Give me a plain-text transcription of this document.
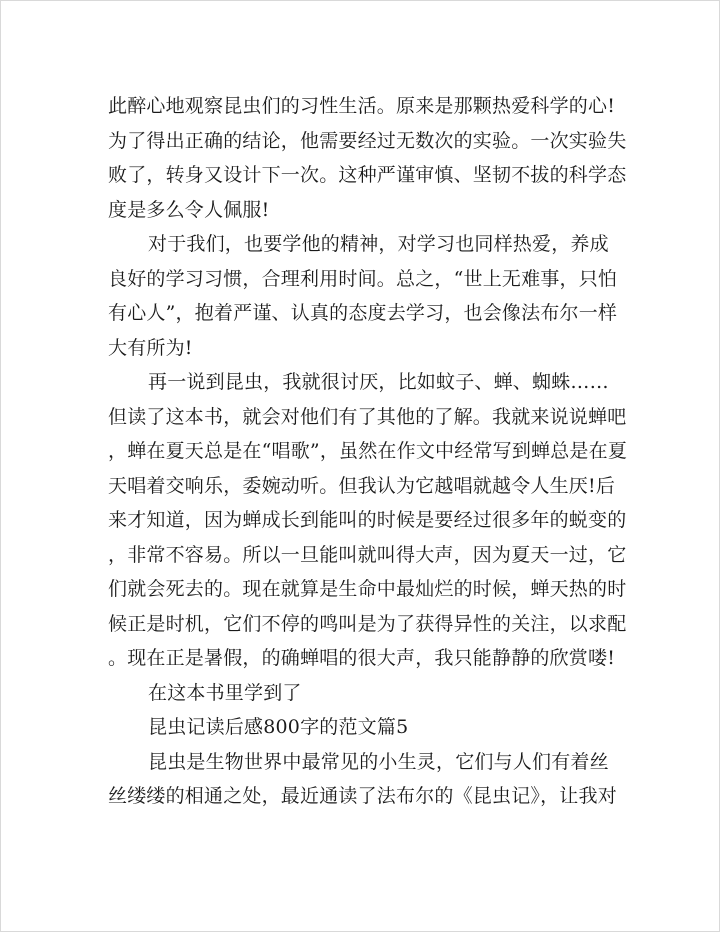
此醉心地观察昆虫们的习性生活。原来是那颗热爱科学的心!
为了得出正确的结论，他需要经过无数次的实验。一次实验失
败了，转身又设计下一次。这种严谨审慎、坚韧不拔的科学态
度是多么令人佩服!
对于我们，也要学他的精神，对学习也同样热爱，养成
良好的学习习惯，合理利用时间。总之，“世上无难事，只怕
有心人”，抱着严谨、认真的态度去学习，也会像法布尔一样
大有所为!
再一说到昆虫，我就很讨厌，比如蚊子、蝉、蜘蛛……
但读了这本书，就会对他们有了其他的了解。我就来说说蝉吧
，蝉在夏天总是在“唱歌”，虽然在作文中经常写到蝉总是在夏
天唱着交响乐，委婉动听。但我认为它越唱就越令人生厌!后
来才知道，因为蝉成长到能叫的时候是要经过很多年的蜕变的
，非常不容易。所以一旦能叫就叫得大声，因为夏天一过，它
们就会死去的。现在就算是生命中最灿烂的时候，蝉天热的时
候正是时机，它们不停的鸣叫是为了获得异性的关注，以求配
。现在正是暑假，的确蝉唱的很大声，我只能静静的欣赏喽!
在这本书里学到了
昆虫记读后感800字的范文篇5
昆虫是生物世界中最常见的小生灵，它们与人们有着丝
丝缕缕的相通之处，最近通读了法布尔的《昆虫记》，让我对
